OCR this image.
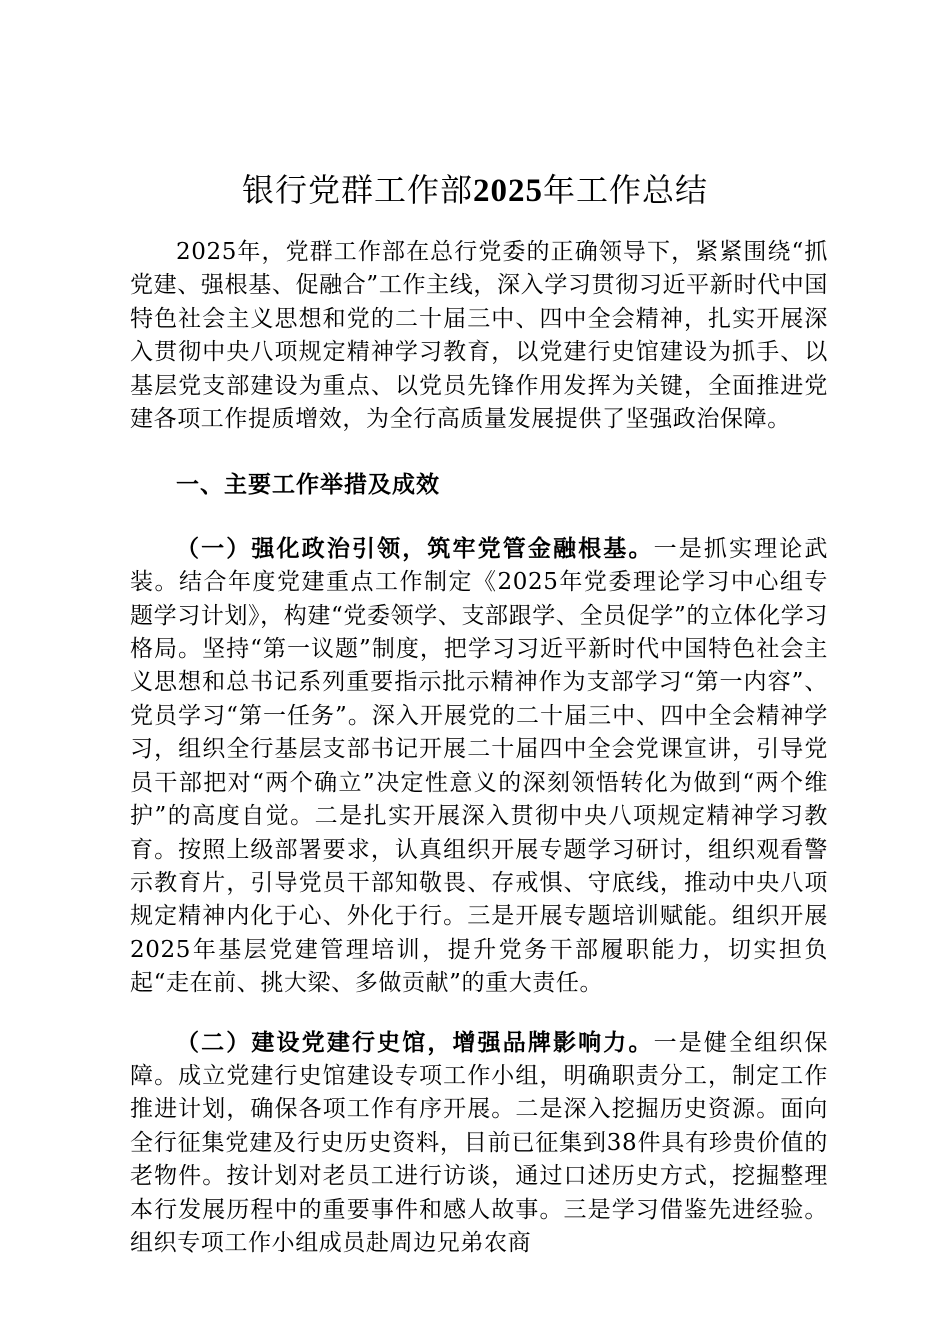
银行党群工作部2025年工作总结

2025年，党群工作部在总行党委的正确领导下，紧紧围绕“抓党建、强根基、促融合”工作主线，深入学习贯彻习近平新时代中国特色社会主义思想和党的二十届三中、四中全会精神，扎实开展深入贯彻中央八项规定精神学习教育，以党建行史馆建设为抓手、以基层党支部建设为重点、以党员先锋作用发挥为关键，全面推进党建各项工作提质增效，为全行高质量发展提供了坚强政治保障。

一、主要工作举措及成效

（一）强化政治引领，筑牢党管金融根基。一是抓实理论武装。结合年度党建重点工作制定《2025年党委理论学习中心组专题学习计划》，构建“党委领学、支部跟学、全员促学”的立体化学习格局。坚持“第一议题”制度，把学习习近平新时代中国特色社会主义思想和总书记系列重要指示批示精神作为支部学习“第一内容”、党员学习“第一任务”。深入开展党的二十届三中、四中全会精神学习，组织全行基层支部书记开展二十届四中全会党课宣讲，引导党员干部把对“两个确立”决定性意义的深刻领悟转化为做到“两个维护”的高度自觉。二是扎实开展深入贯彻中央八项规定精神学习教育。按照上级部署要求，认真组织开展专题学习研讨，组织观看警示教育片，引导党员干部知敬畏、存戒惧、守底线，推动中央八项规定精神内化于心、外化于行。三是开展专题培训赋能。组织开展2025年基层党建管理培训，提升党务干部履职能力，切实担负起“走在前、挑大梁、多做贡献”的重大责任。

（二）建设党建行史馆，增强品牌影响力。一是健全组织保障。成立党建行史馆建设专项工作小组，明确职责分工，制定工作推进计划，确保各项工作有序开展。二是深入挖掘历史资源。面向全行征集党建及行史历史资料，目前已征集到38件具有珍贵价值的老物件。按计划对老员工进行访谈，通过口述历史方式，挖掘整理本行发展历程中的重要事件和感人故事。三是学习借鉴先进经验。组织专项工作小组成员赴周边兄弟农商
